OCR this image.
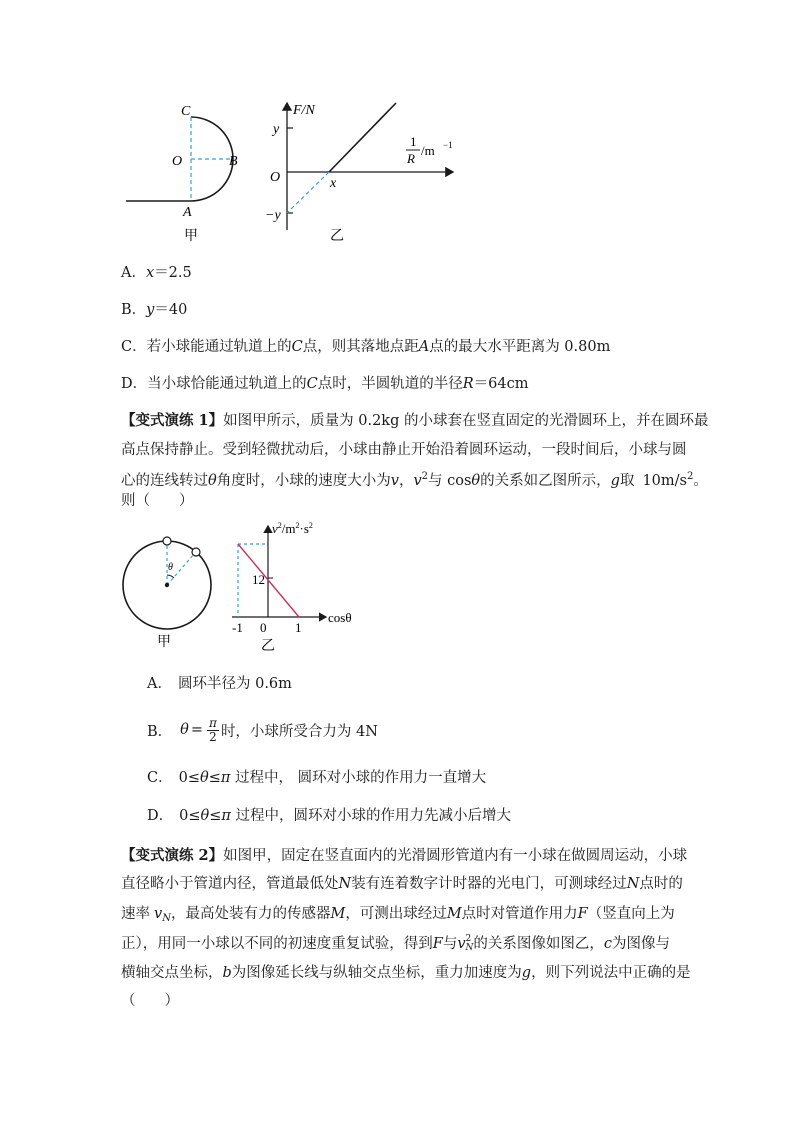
C
O	B
A
甲
F/N
y
O	x
−y
1
R
/m −1
乙
A．x＝2.5
B．y＝40
C．若小球能通过轨道上的C点，则其落地点距A点的最大水平距离为 0.80m
D．当小球恰能通过轨道上的C点时，半圆轨道的半径R＝64cm
【变式演练 1】如图甲所示，质量为 0.2kg 的小球套在竖直固定的光滑圆环上，并在圆环最
高点保持静止。受到轻微扰动后，小球由静止开始沿着圆环运动，一段时间后，小球与圆
心的连线转过θ角度时，小球的速度大小为v，$v^2$与 cosθ的关系如乙图所示，g取 $10m/s^2$。
则（　　）
θ
甲
$v^2/m^2\cdot s^2$
12
-1 0 1
cosθ
乙
A． 圆环半径为 0.6m
B． $\theta = \frac{\pi}{2}$ 时，小球所受合力为 4N
C． 0≤θ≤π 过程中， 圆环对小球的作用力一直增大
D． 0≤θ≤π 过程中，圆环对小球的作用力先减小后增大
【变式演练 2】如图甲，固定在竖直面内的光滑圆形管道内有一小球在做圆周运动，小球
直径略小于管道内径，管道最低处N装有连着数字计时器的光电门，可测球经过N点时的
速率 $v_N$，最高处装有力的传感器M，可测出球经过M点时对管道作用力F（竖直向上为
正），用同一小球以不同的初速度重复试验，得到F与v 2
N 的关系图像如图乙，c为图像与
横轴交点坐标，b为图像延长线与纵轴交点坐标，重力加速度为g，则下列说法中正确的是
（　　）
